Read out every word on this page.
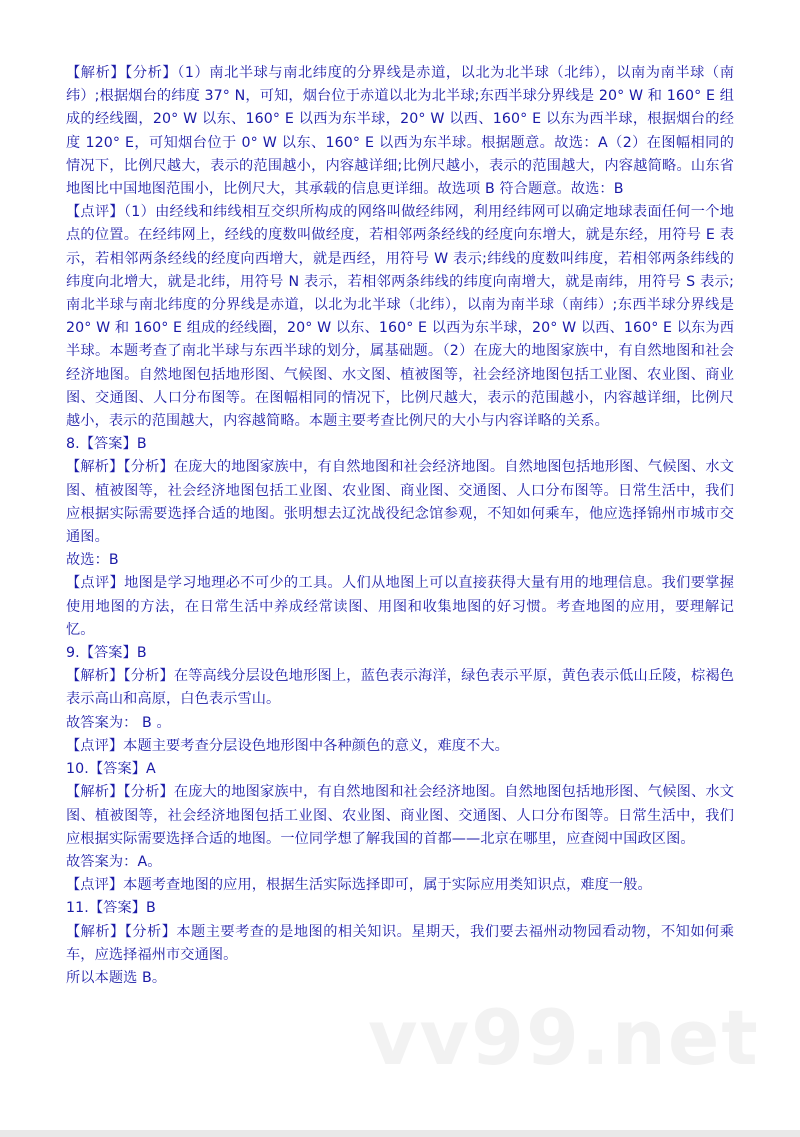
【解析】【分析】（1）南北半球与南北纬度的分界线是赤道，以北为北半球（北纬），以南为南半球（南纬）;根据烟台的纬度 37° N，可知，烟台位于赤道以北为北半球;东西半球分界线是 20° W 和 160° E 组成的经线圈，20° W 以东、160° E 以西为东半球，20° W 以西、160° E 以东为西半球，根据烟台的经度 120° E，可知烟台位于 0° W 以东、160° E 以西为东半球。根据题意。故选：A（2）在图幅相同的情况下，比例尺越大，表示的范围越小，内容越详细;比例尺越小，表示的范围越大，内容越简略。山东省地图比中国地图范围小，比例尺大，其承载的信息更详细。故选项 B 符合题意。故选：B

【点评】（1）由经线和纬线相互交织所构成的网络叫做经纬网，利用经纬网可以确定地球表面任何一个地点的位置。在经纬网上，经线的度数叫做经度，若相邻两条经线的经度向东增大，就是东经，用符号 E 表示，若相邻两条经线的经度向西增大，就是西经，用符号 W 表示;纬线的度数叫纬度，若相邻两条纬线的纬度向北增大，就是北纬，用符号 N 表示，若相邻两条纬线的纬度向南增大，就是南纬，用符号 S 表示;南北半球与南北纬度的分界线是赤道，以北为北半球（北纬），以南为南半球（南纬）;东西半球分界线是 20° W 和 160° E 组成的经线圈，20° W 以东、160° E 以西为东半球，20° W 以西、160° E 以东为西半球。本题考查了南北半球与东西半球的划分，属基础题。（2）在庞大的地图家族中，有自然地图和社会经济地图。自然地图包括地形图、气候图、水文图、植被图等，社会经济地图包括工业图、农业图、商业图、交通图、人口分布图等。在图幅相同的情况下，比例尺越大，表示的范围越小，内容越详细，比例尺越小，表示的范围越大，内容越简略。本题主要考查比例尺的大小与内容详略的关系。

8.【答案】B

【解析】【分析】在庞大的地图家族中，有自然地图和社会经济地图。自然地图包括地形图、气候图、水文图、植被图等，社会经济地图包括工业图、农业图、商业图、交通图、人口分布图等。日常生活中，我们应根据实际需要选择合适的地图。张明想去辽沈战役纪念馆参观，不知如何乘车，他应选择锦州市城市交通图。

故选：B

【点评】地图是学习地理必不可少的工具。人们从地图上可以直接获得大量有用的地理信息。我们要掌握使用地图的方法，在日常生活中养成经常读图、用图和收集地图的好习惯。考查地图的应用，要理解记忆。

9.【答案】B

【解析】【分析】在等高线分层设色地形图上，蓝色表示海洋，绿色表示平原，黄色表示低山丘陵，棕褐色表示高山和高原，白色表示雪山。

故答案为： B 。

【点评】本题主要考查分层设色地形图中各种颜色的意义，难度不大。

10.【答案】A

【解析】【分析】在庞大的地图家族中，有自然地图和社会经济地图。自然地图包括地形图、气候图、水文图、植被图等，社会经济地图包括工业图、农业图、商业图、交通图、人口分布图等。日常生活中，我们应根据实际需要选择合适的地图。一位同学想了解我国的首都——北京在哪里，应查阅中国政区图。

故答案为：A。

【点评】本题考查地图的应用，根据生活实际选择即可，属于实际应用类知识点，难度一般。

11.【答案】B

【解析】【分析】本题主要考查的是地图的相关知识。星期天，我们要去福州动物园看动物，不知如何乘车，应选择福州市交通图。

所以本题选 B。

vv99.net
